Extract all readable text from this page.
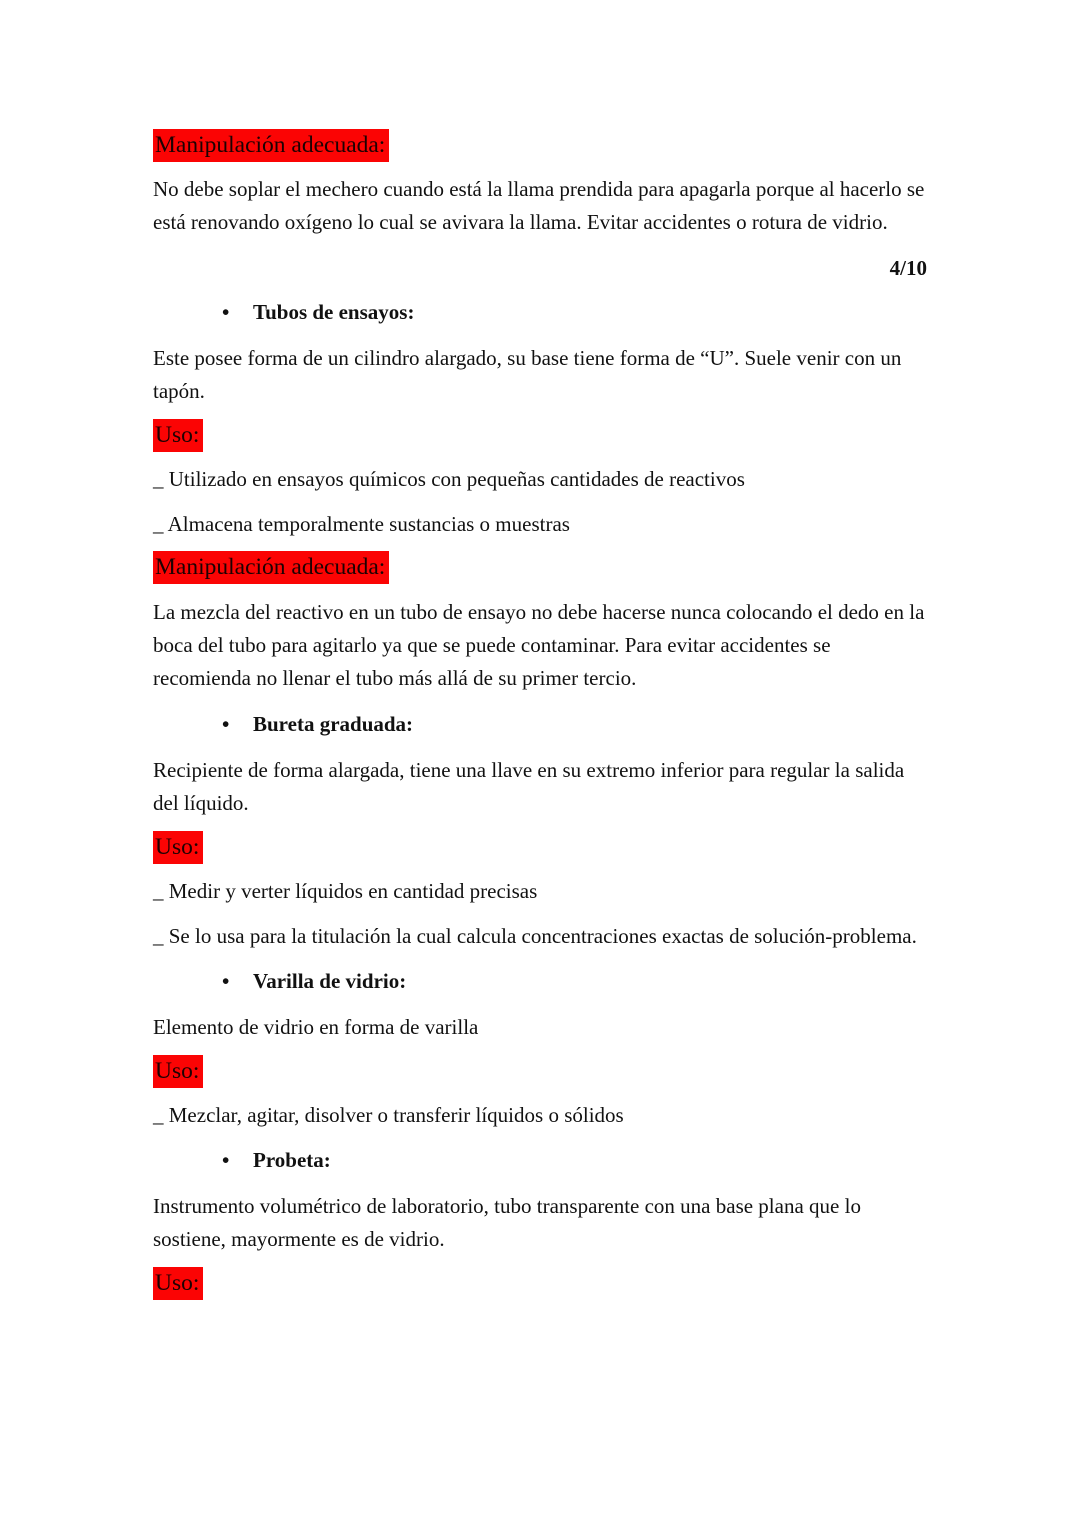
Manipulación adecuada:

No debe soplar el mechero cuando está la llama prendida para apagarla porque al hacerlo se está renovando oxígeno lo cual se avivara la llama. Evitar accidentes o rotura de vidrio.

4/10
•
Tubos de ensayos:

Este posee forma de un cilindro alargado, su base tiene forma de “U”. Suele venir con un tapón.

Uso:

_ Utilizado en ensayos químicos con pequeñas cantidades de reactivos

_ Almacena temporalmente sustancias o muestras

Manipulación adecuada:

La mezcla del reactivo en un tubo de ensayo no debe hacerse nunca colocando el dedo en la boca del tubo para agitarlo ya que se puede contaminar. Para evitar accidentes se recomienda no llenar el tubo más allá de su primer tercio.

•
Bureta graduada:

Recipiente de forma alargada, tiene una llave en su extremo inferior para regular la salida del líquido.

Uso:

_ Medir y verter líquidos en cantidad precisas

_ Se lo usa para la titulación la cual calcula concentraciones exactas de solución-problema.

•
Varilla de vidrio:

Elemento de vidrio en forma de varilla

Uso:

_ Mezclar, agitar, disolver o transferir líquidos o sólidos

•
Probeta:

Instrumento volumétrico de laboratorio, tubo transparente con una base plana que lo sostiene, mayormente es de vidrio.

Uso:
